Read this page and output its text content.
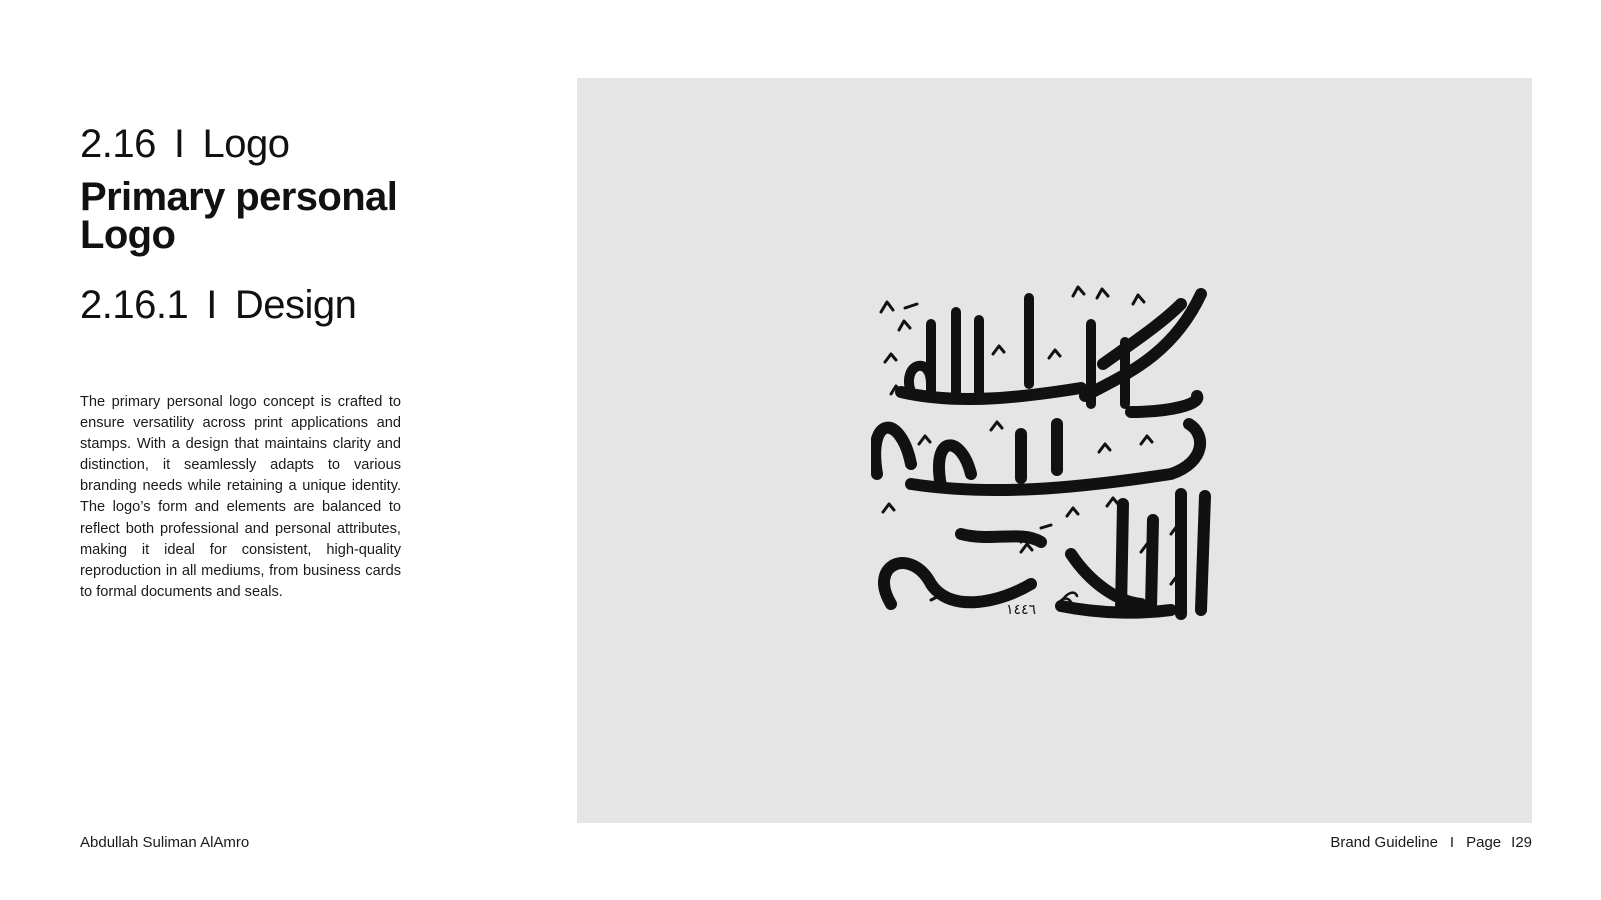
2.16 I Logo
Primary personal Logo
2.16.1 I Design

The primary personal logo concept is crafted to ensure versatility across print applications and stamps. With a design that maintains clarity and distinction, it seamlessly adapts to various branding needs while retaining a unique identity. The logo’s form and elements are balanced to reflect both professional and personal attributes, making it ideal for consistent, high-quality reproduction in all mediums, from business cards to formal documents and seals.

١٤٤٦
Abdullah Suliman AlAmro	Brand Guideline I Page I29
